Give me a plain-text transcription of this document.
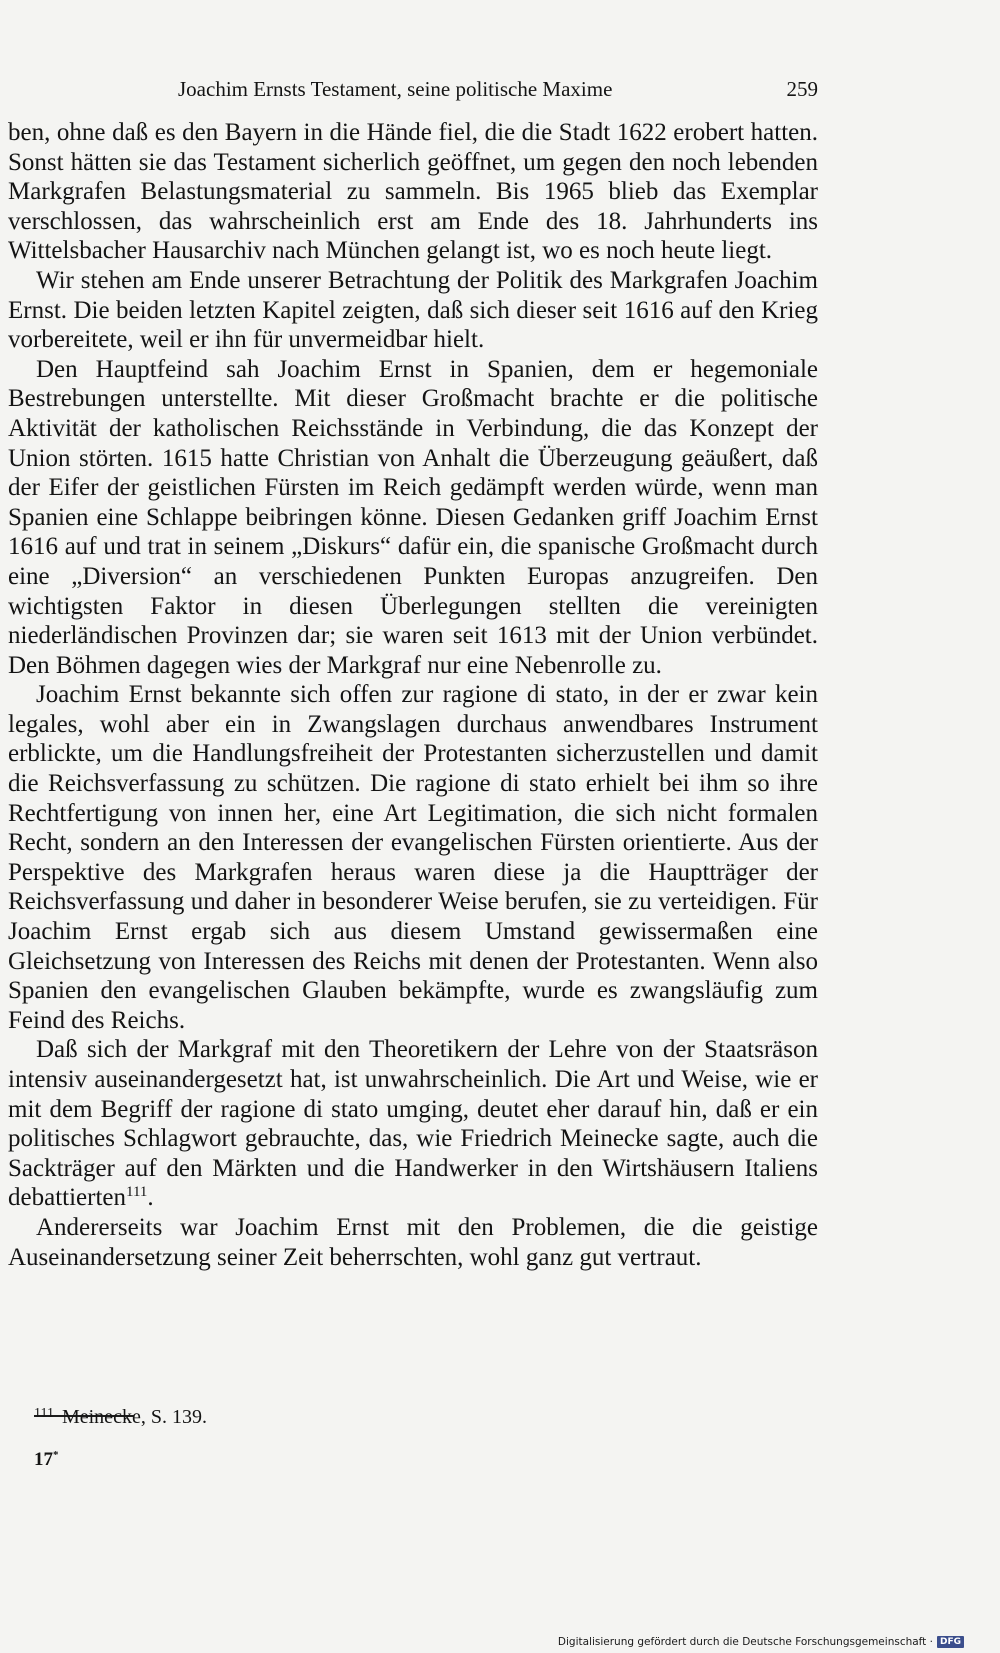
Joachim Ernsts Testament, seine politische Maxime	259

ben, ohne daß es den Bayern in die Hände fiel, die die Stadt 1622 erobert hatten. Sonst hätten sie das Testament sicherlich geöffnet, um gegen den noch lebenden Markgrafen Belastungsmaterial zu sammeln. Bis 1965 blieb das Exemplar verschlossen, das wahrscheinlich erst am Ende des 18. Jahrhunderts ins Wittelsbacher Hausarchiv nach München gelangt ist, wo es noch heute liegt.

Wir stehen am Ende unserer Betrachtung der Politik des Markgrafen Joachim Ernst. Die beiden letzten Kapitel zeigten, daß sich dieser seit 1616 auf den Krieg vorbereitete, weil er ihn für unvermeidbar hielt.

Den Hauptfeind sah Joachim Ernst in Spanien, dem er hegemoniale Bestrebungen unterstellte. Mit dieser Großmacht brachte er die politische Aktivität der katholischen Reichsstände in Verbindung, die das Konzept der Union störten. 1615 hatte Christian von Anhalt die Überzeugung geäußert, daß der Eifer der geistlichen Fürsten im Reich gedämpft werden würde, wenn man Spanien eine Schlappe beibringen könne. Diesen Gedanken griff Joachim Ernst 1616 auf und trat in seinem „Diskurs“ dafür ein, die spanische Großmacht durch eine „Diversion“ an verschiedenen Punkten Europas anzugreifen. Den wichtigsten Faktor in diesen Überlegungen stellten die vereinigten niederländischen Provinzen dar; sie waren seit 1613 mit der Union verbündet. Den Böhmen dagegen wies der Markgraf nur eine Nebenrolle zu.

Joachim Ernst bekannte sich offen zur ragione di stato, in der er zwar kein legales, wohl aber ein in Zwangslagen durchaus anwendbares Instrument erblickte, um die Handlungsfreiheit der Protestanten sicherzustellen und damit die Reichsverfassung zu schützen. Die ragione di stato erhielt bei ihm so ihre Rechtfertigung von innen her, eine Art Legitimation, die sich nicht formalen Recht, sondern an den Interessen der evangelischen Fürsten orientierte. Aus der Perspektive des Markgrafen heraus waren diese ja die Hauptträger der Reichsverfassung und daher in besonderer Weise berufen, sie zu verteidigen. Für Joachim Ernst ergab sich aus diesem Umstand gewissermaßen eine Gleichsetzung von Interessen des Reichs mit denen der Protestanten. Wenn also Spanien den evangelischen Glauben bekämpfte, wurde es zwangsläufig zum Feind des Reichs.

Daß sich der Markgraf mit den Theoretikern der Lehre von der Staatsräson intensiv auseinandergesetzt hat, ist unwahrscheinlich. Die Art und Weise, wie er mit dem Begriff der ragione di stato umging, deutet eher darauf hin, daß er ein politisches Schlagwort gebrauchte, das, wie Friedrich Meinecke sagte, auch die Sackträger auf den Märkten und die Handwerker in den Wirtshäusern Italiens debattierten$^{111}$.

Andererseits war Joachim Ernst mit den Problemen, die die geistige Auseinandersetzung seiner Zeit beherrschten, wohl ganz gut vertraut.

$^{111}$ Meinecke, S. 139.
17*
Digitalisierung gefördert durch die Deutsche Forschungsgemeinschaft · DFG
